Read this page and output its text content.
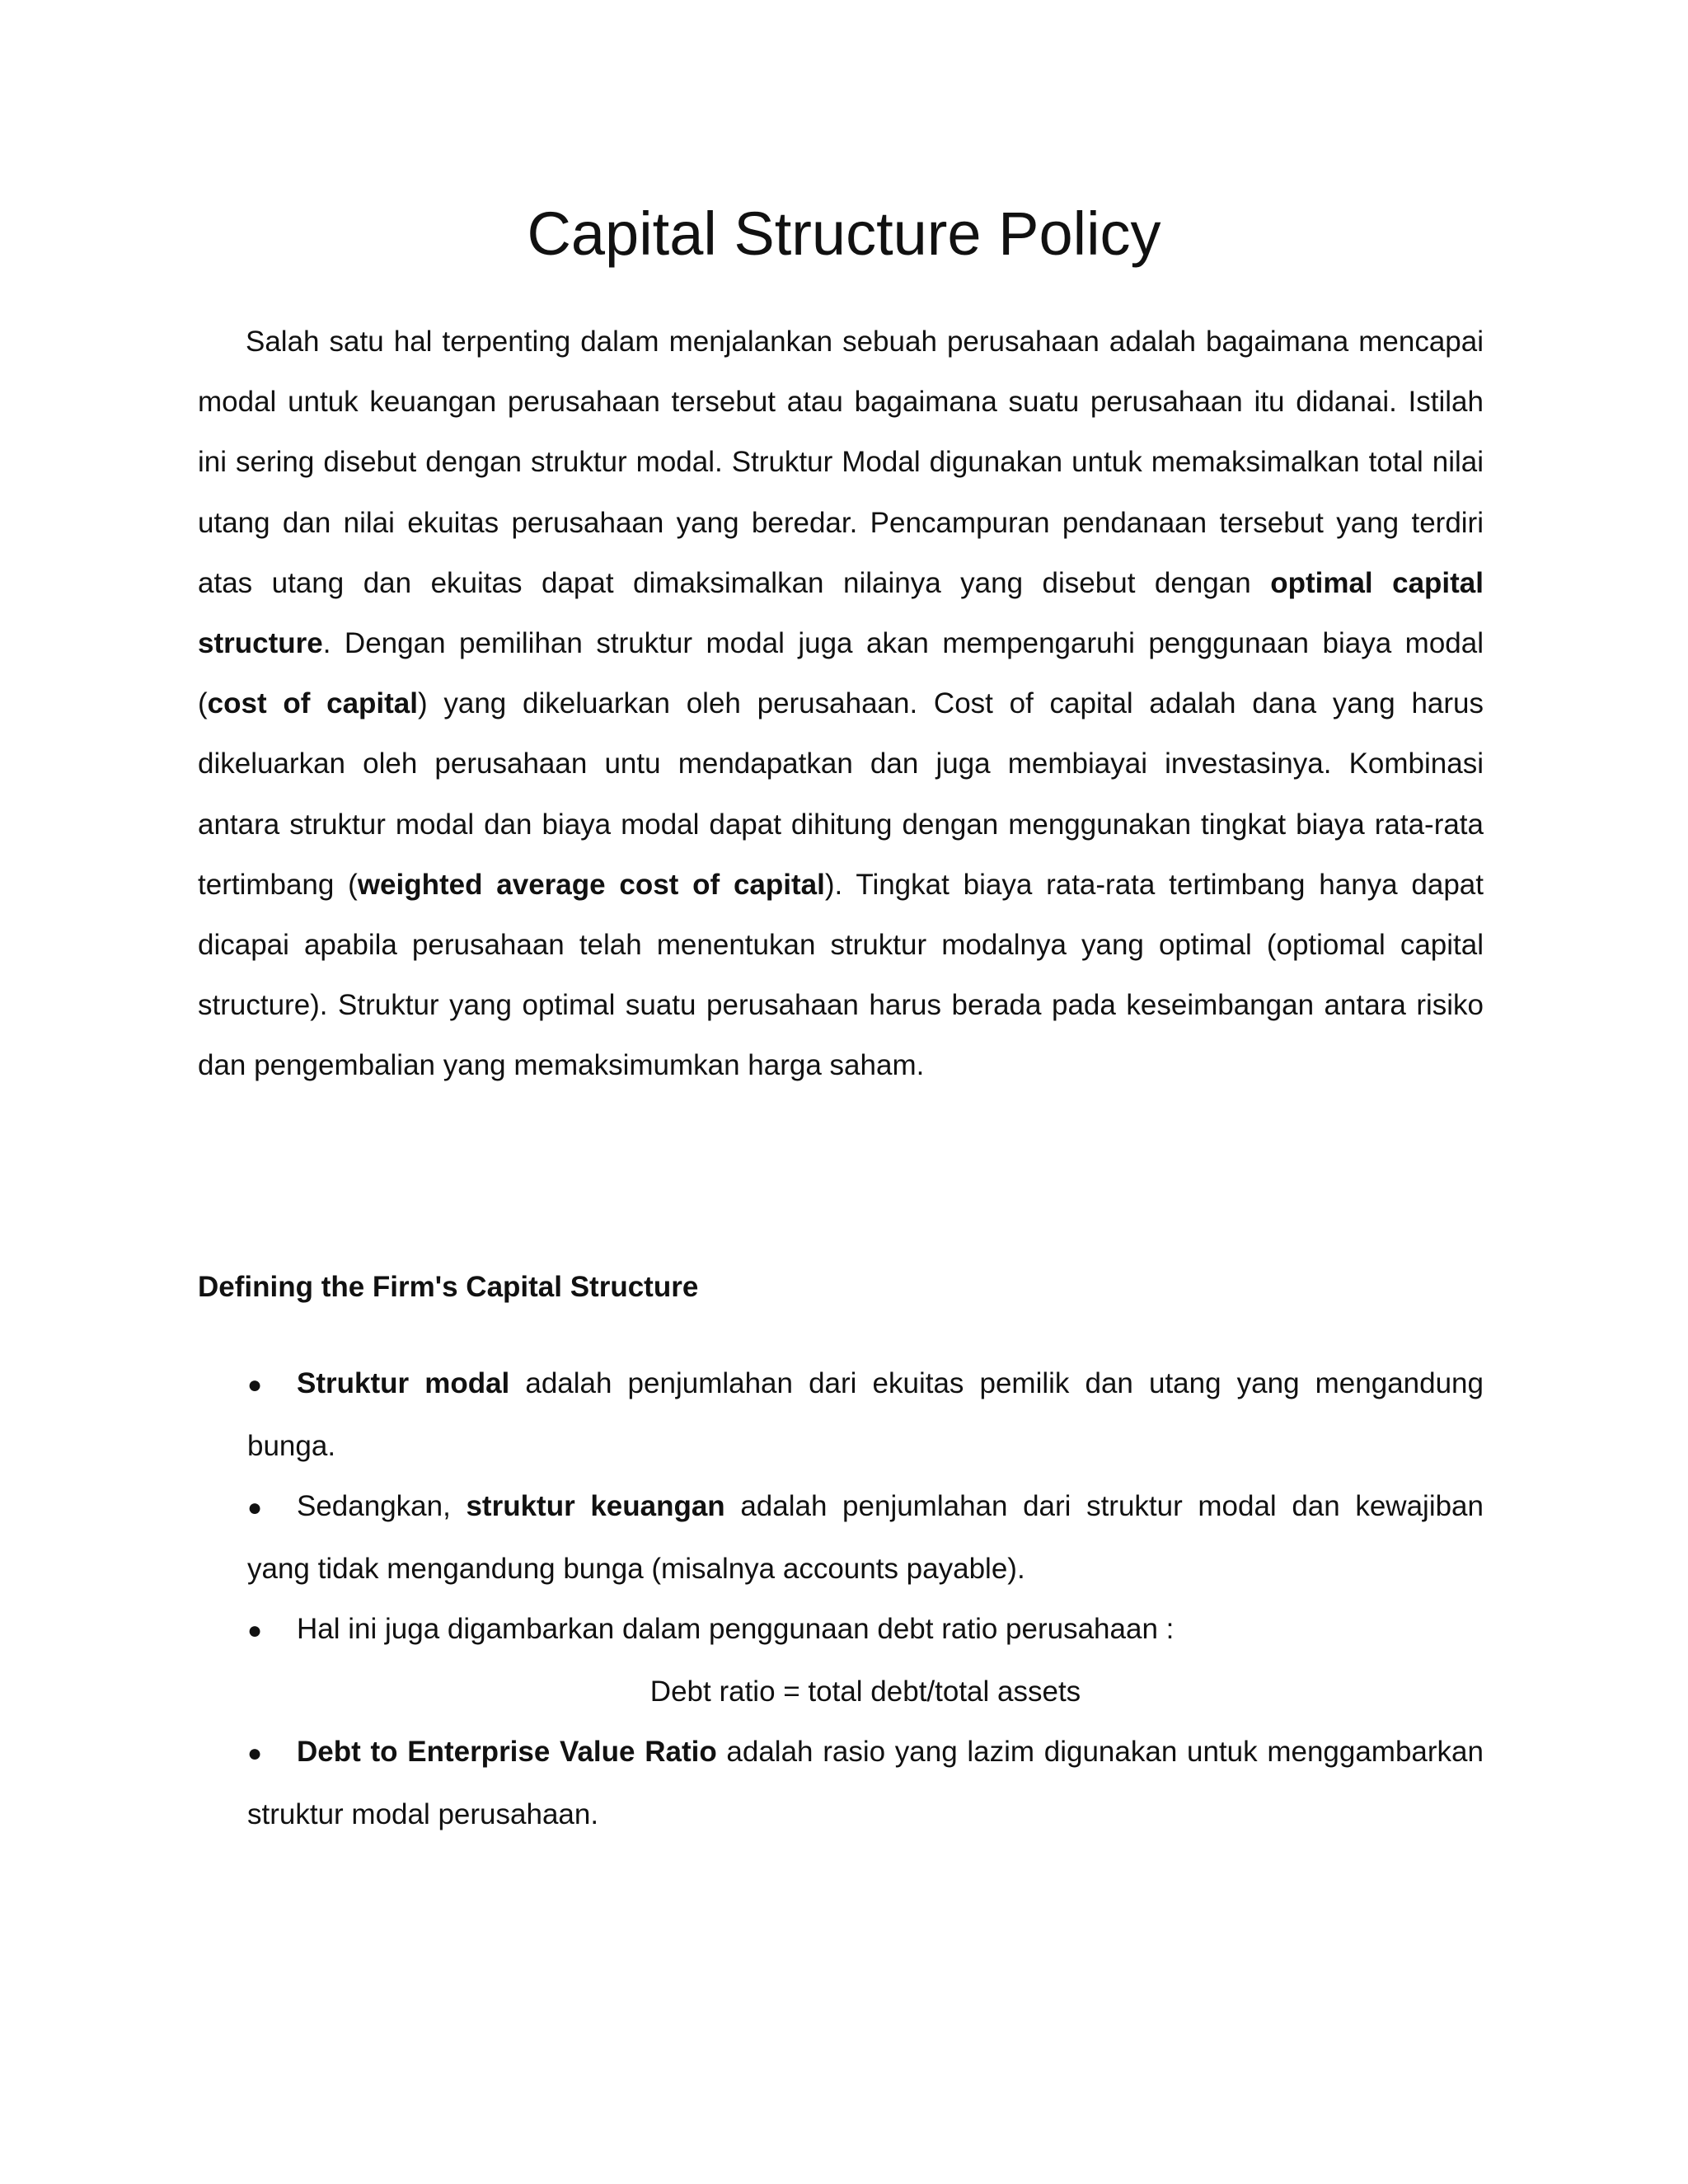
Capital Structure Policy

Salah satu hal terpenting dalam menjalankan sebuah perusahaan adalah bagaimana mencapai modal untuk keuangan perusahaan tersebut atau bagaimana suatu perusahaan itu didanai. Istilah ini sering disebut dengan struktur modal. Struktur Modal digunakan untuk memaksimalkan total nilai utang dan nilai ekuitas perusahaan yang beredar. Pencampuran pendanaan tersebut yang terdiri atas utang dan ekuitas dapat dimaksimalkan nilainya yang disebut dengan optimal capital structure. Dengan pemilihan struktur modal juga akan mempengaruhi penggunaan biaya modal (cost of capital) yang dikeluarkan oleh perusahaan. Cost of capital adalah dana yang harus dikeluarkan oleh perusahaan untu mendapatkan dan juga membiayai investasinya. Kombinasi antara struktur modal dan biaya modal dapat dihitung dengan menggunakan tingkat biaya rata-rata tertimbang (weighted average cost of capital). Tingkat biaya rata-rata tertimbang hanya dapat dicapai apabila perusahaan telah menentukan struktur modalnya yang optimal (optiomal capital structure). Struktur yang optimal suatu perusahaan harus berada pada keseimbangan antara risiko dan pengembalian yang memaksimumkan harga saham.

Defining the Firm's Capital Structure
● Struktur modal adalah penjumlahan dari ekuitas pemilik dan utang yang mengandung bunga.
● Sedangkan, struktur keuangan adalah penjumlahan dari struktur modal dan kewajiban yang tidak mengandung bunga (misalnya accounts payable).
● Hal ini juga digambarkan dalam penggunaan debt ratio perusahaan :
Debt ratio = total debt/total assets
● Debt to Enterprise Value Ratio adalah rasio yang lazim digunakan untuk menggambarkan struktur modal perusahaan.
